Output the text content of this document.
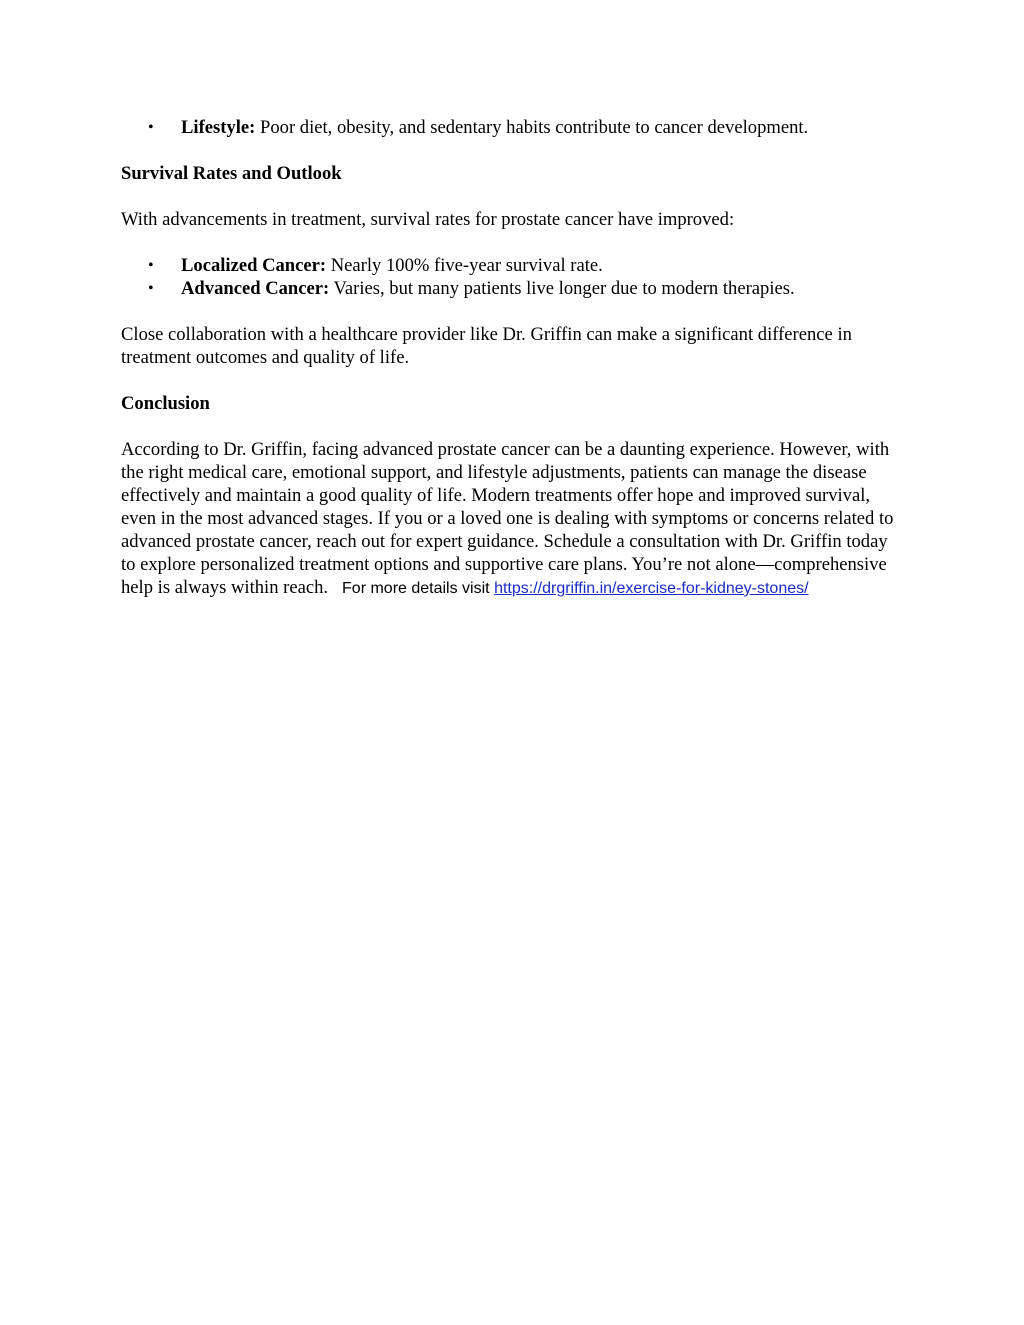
• Lifestyle: Poor diet, obesity, and sedentary habits contribute to cancer development.

Survival Rates and Outlook

With advancements in treatment, survival rates for prostate cancer have improved:

• Localized Cancer: Nearly 100% five-year survival rate.
• Advanced Cancer: Varies, but many patients live longer due to modern therapies.

Close collaboration with a healthcare provider like Dr. Griffin can make a significant difference in treatment outcomes and quality of life.

Conclusion

According to Dr. Griffin, facing advanced prostate cancer can be a daunting experience. However, with the right medical care, emotional support, and lifestyle adjustments, patients can manage the disease effectively and maintain a good quality of life. Modern treatments offer hope and improved survival, even in the most advanced stages. If you or a loved one is dealing with symptoms or concerns related to advanced prostate cancer, reach out for expert guidance. Schedule a consultation with Dr. Griffin today to explore personalized treatment options and supportive care plans. You’re not alone—comprehensive help is always within reach. For more details visit https://drgriffin.in/exercise-for-kidney-stones/
